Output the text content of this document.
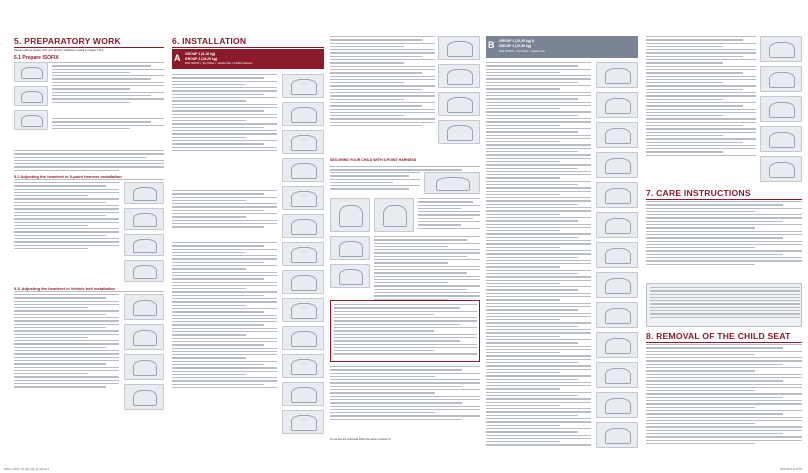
5. PREPARATORY WORK
Please read the chapter with your desired installation method in chapter 6 first.
5.1 Prepare ISOFIX
5.2 Adjusting the headrest in 5-point harness installation
5.3. Adjusting the headrest in Vehicle belt installation
6. INSTALLATION
A GROUP 1 (9-18 kg)
GROUP 2 (15-25 kg)
With ISOFIX + Top Tether + Vehicle belt + 5-Point Harness
SECURING YOUR CHILD WITH 5-POINT HARNESS
To remove the child seat follow the steps in section 8
B GROUP 2 (15-25 kg) &
GROUP 3 (22-36 kg)
With ISOFIX + Top Tether + Vehicle belt
7. CARE INSTRUCTIONS
8. REMOVAL OF THE CHILD SEAT
SMGA_AXISS_FIX_EN_INR_gb (08.qxd 1	28.03.2014 14:07:51
